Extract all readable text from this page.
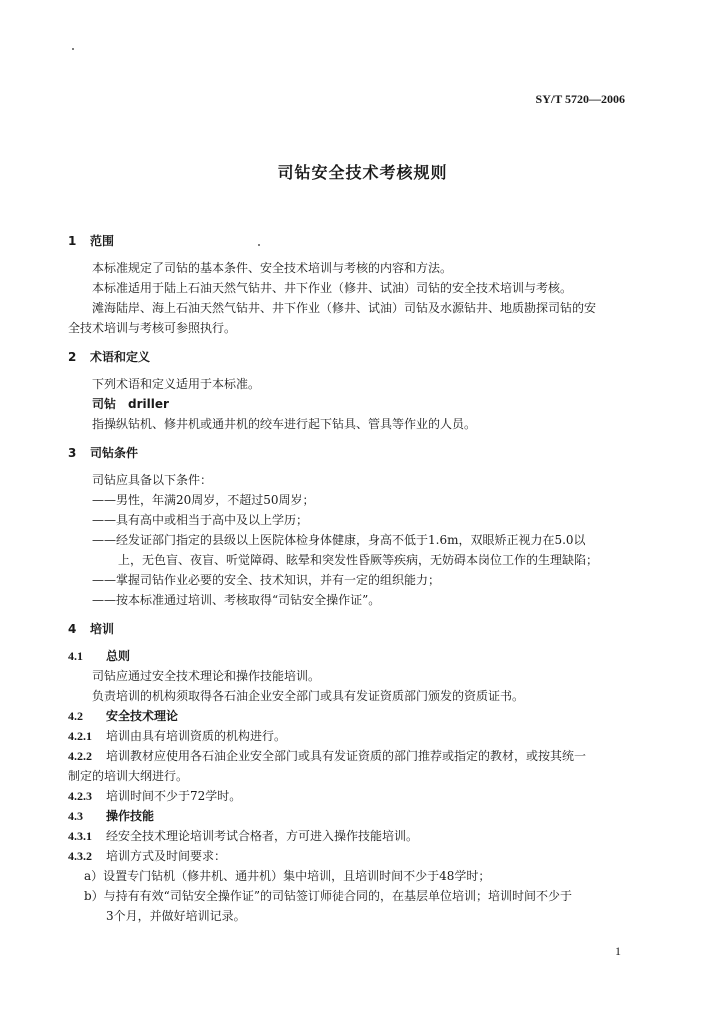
SY/T 5720—2006
司钻安全技术考核规则
1 范围

本标准规定了司钻的基本条件、安全技术培训与考核的内容和方法。

本标准适用于陆上石油天然气钻井、井下作业（修井、试油）司钻的安全技术培训与考核。

滩海陆岸、海上石油天然气钻井、井下作业（修井、试油）司钻及水源钻井、地质勘探司钻的安

全技术培训与考核可参照执行。

2 术语和定义

下列术语和定义适用于本标准。

司钻　driller

指操纵钻机、修井机或通井机的绞车进行起下钻具、管具等作业的人员。

3 司钻条件

司钻应具备以下条件：

——男性，年满20周岁，不超过50周岁；

——具有高中或相当于高中及以上学历；

——经发证部门指定的县级以上医院体检身体健康，身高不低于1.6m，双眼矫正视力在5.0以

上，无色盲、夜盲、听觉障碍、眩晕和突发性昏厥等疾病，无妨碍本岗位工作的生理缺陷；

——掌握司钻作业必要的安全、技术知识，并有一定的组织能力；

——按本标准通过培训、考核取得“司钻安全操作证”。

4 培训

4.1 总则

司钻应通过安全技术理论和操作技能培训。

负责培训的机构须取得各石油企业安全部门或具有发证资质部门颁发的资质证书。

4.2 安全技术理论

4.2.1 培训由具有培训资质的机构进行。

4.2.2 培训教材应使用各石油企业安全部门或具有发证资质的部门推荐或指定的教材，或按其统一

制定的培训大纲进行。

4.2.3 培训时间不少于72学时。

4.3 操作技能

4.3.1 经安全技术理论培训考试合格者，方可进入操作技能培训。

4.3.2 培训方式及时间要求：

a）设置专门钻机（修井机、通井机）集中培训，且培训时间不少于48学时；

b）与持有有效“司钻安全操作证”的司钻签订师徒合同的，在基层单位培训；培训时间不少于

3个月，并做好培训记录。

1
